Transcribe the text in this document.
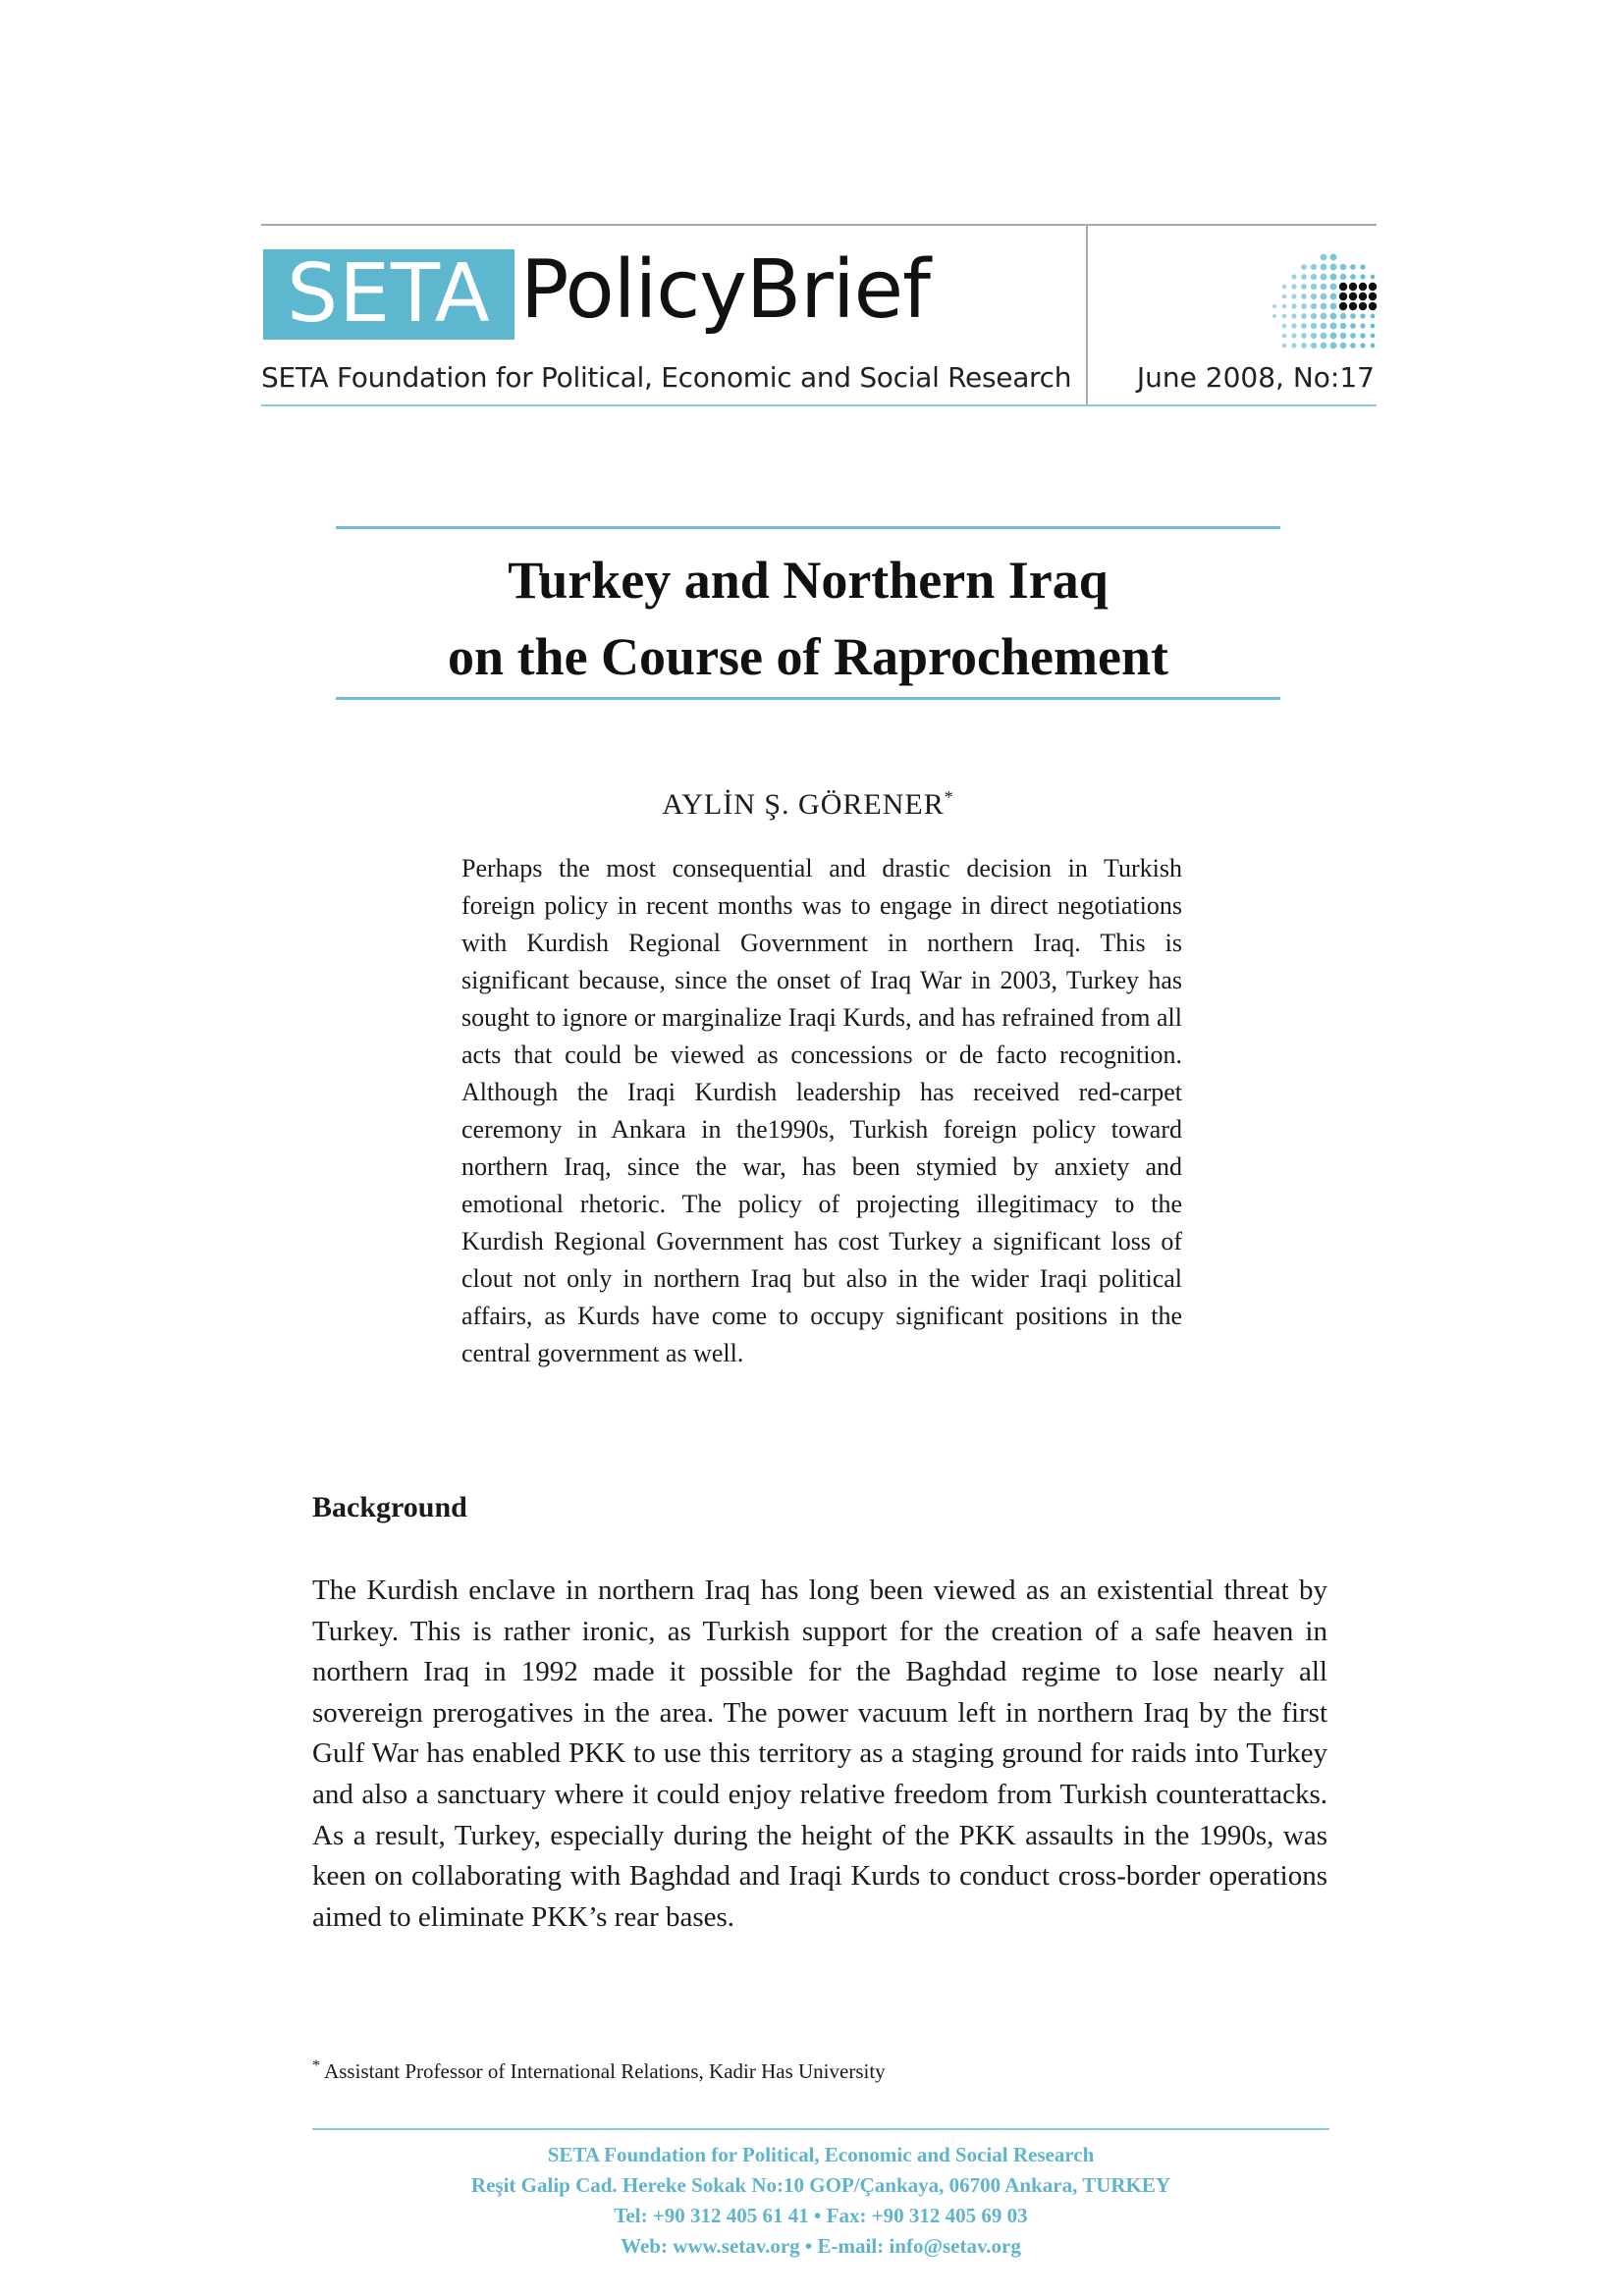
SETA PolicyBrief
SETA Foundation for Political, Economic and Social Research	June 2008, No:17
Turkey and Northern Iraq
on the Course of Raprochement
AYLİN Ş. GÖRENER*

Perhaps the most consequential and drastic decision in Turkish foreign policy in recent months was to engage in direct negotiations with Kurdish Regional Government in northern Iraq. This is significant because, since the onset of Iraq War in 2003, Turkey has sought to ignore or marginalize Iraqi Kurds, and has refrained from all acts that could be viewed as concessions or de facto recognition. Although the Iraqi Kurdish leadership has received red-carpet ceremony in Ankara in the1990s, Turkish foreign policy toward northern Iraq, since the war, has been stymied by anxiety and emotional rhetoric. The policy of projecting illegitimacy to the Kurdish Regional Government has cost Turkey a significant loss of clout not only in northern Iraq but also in the wider Iraqi political affairs, as Kurds have come to occupy significant positions in the central government as well.

Background

The Kurdish enclave in northern Iraq has long been viewed as an existential threat by Turkey. This is rather ironic, as Turkish support for the creation of a safe heaven in northern Iraq in 1992 made it possible for the Baghdad regime to lose nearly all sovereign prerogatives in the area. The power vacuum left in northern Iraq by the first Gulf War has enabled PKK to use this territory as a staging ground for raids into Turkey and also a sanctuary where it could enjoy relative freedom from Turkish counterattacks. As a result, Turkey, especially during the height of the PKK assaults in the 1990s, was keen on collaborating with Baghdad and Iraqi Kurds to conduct cross-border operations aimed to eliminate PKK’s rear bases.

* Assistant Professor of International Relations, Kadir Has University
SETA Foundation for Political, Economic and Social Research
Reşit Galip Cad. Hereke Sokak No:10 GOP/Çankaya, 06700 Ankara, TURKEY
Tel: +90 312 405 61 41 • Fax: +90 312 405 69 03
Web: www.setav.org • E-mail: info@setav.org
